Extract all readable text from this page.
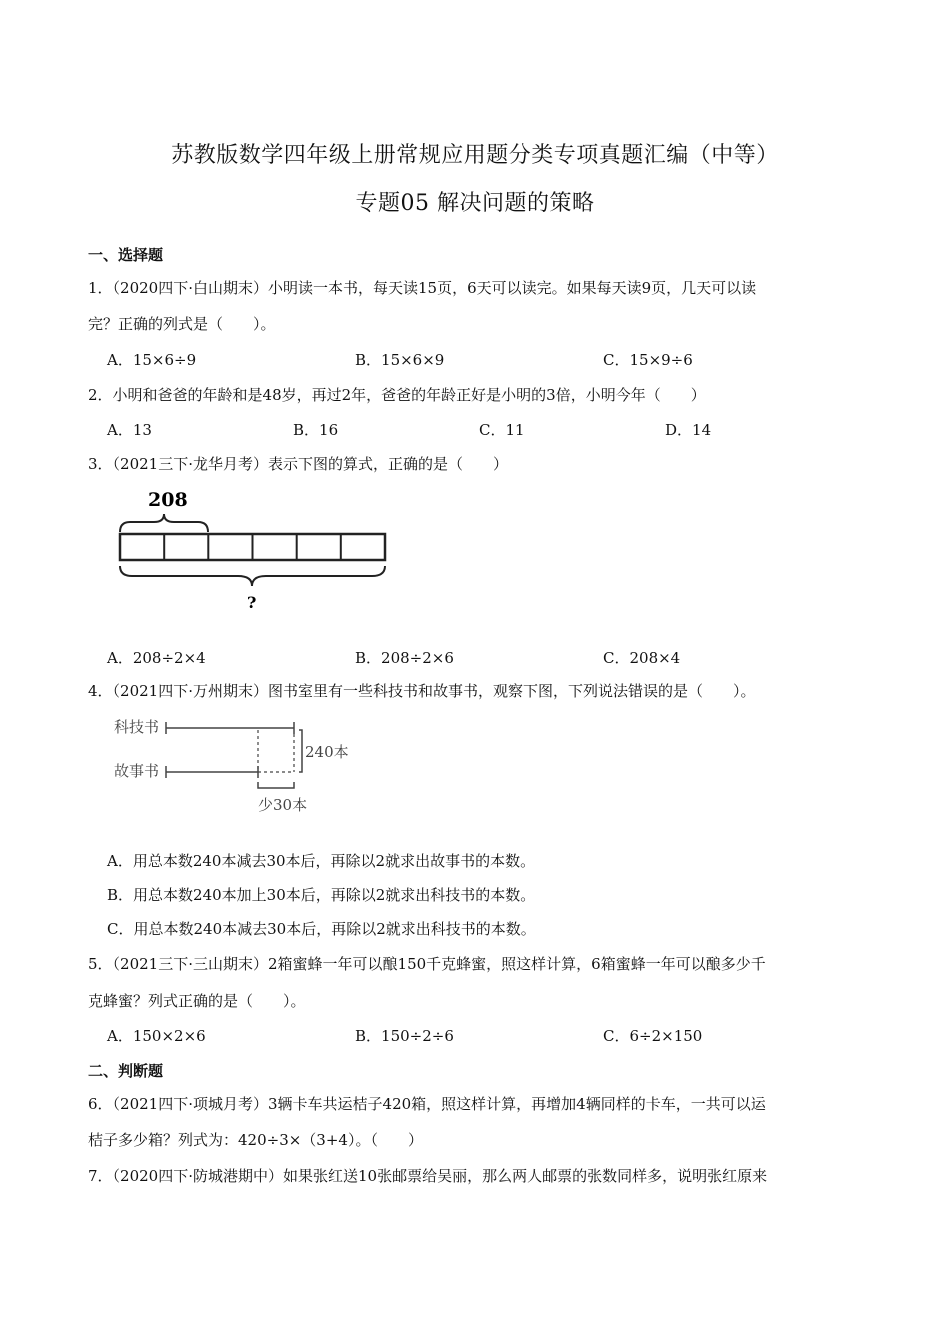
苏教版数学四年级上册常规应用题分类专项真题汇编（中等）
专题05 解决问题的策略
一、选择题
1．（2020四下·白山期末）小明读一本书，每天读15页，6天可以读完。如果每天读9页，几天可以读
完？正确的列式是（　　）。
A．15×6÷9	B．15×6×9	C．15×9÷6
2．小明和爸爸的年龄和是48岁，再过2年，爸爸的年龄正好是小明的3倍，小明今年（　　）
A．13	B．16	C．11	D．14
3．（2021三下·龙华月考）表示下图的算式，正确的是（　　）
208
?
A．208÷2×4	B．208÷2×6	C．208×4
4．（2021四下·万州期末）图书室里有一些科技书和故事书，观察下图，下列说法错误的是（　　）。
科技书
故事书
240本
少30本
A．用总本数240本减去30本后，再除以2就求出故事书的本数。
B．用总本数240本加上30本后，再除以2就求出科技书的本数。
C．用总本数240本减去30本后，再除以2就求出科技书的本数。
5．（2021三下·三山期末）2箱蜜蜂一年可以酿150千克蜂蜜，照这样计算，6箱蜜蜂一年可以酿多少千
克蜂蜜？列式正确的是（　　）。
A．150×2×6	B．150÷2÷6	C．6÷2×150
二、判断题
6．（2021四下·项城月考）3辆卡车共运桔子420箱，照这样计算，再增加4辆同样的卡车，一共可以运
桔子多少箱？列式为：420÷3×（3+4）。（　　）
7．（2020四下·防城港期中）如果张红送10张邮票给吴丽，那么两人邮票的张数同样多，说明张红原来
